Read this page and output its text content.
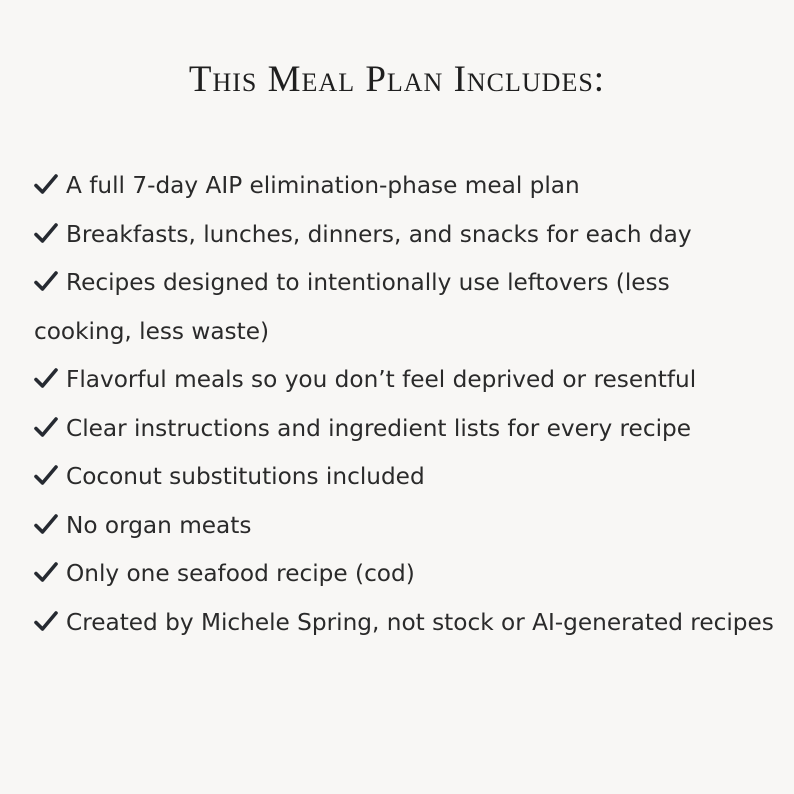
This Meal Plan Includes:
A full 7-day AIP elimination-phase meal plan
Breakfasts, lunches, dinners, and snacks for each day
Recipes designed to intentionally use leftovers (less cooking, less waste)
Flavorful meals so you don’t feel deprived or resentful
Clear instructions and ingredient lists for every recipe
Coconut substitutions included
No organ meats
Only one seafood recipe (cod)
Created by Michele Spring, not stock or AI-generated recipes
